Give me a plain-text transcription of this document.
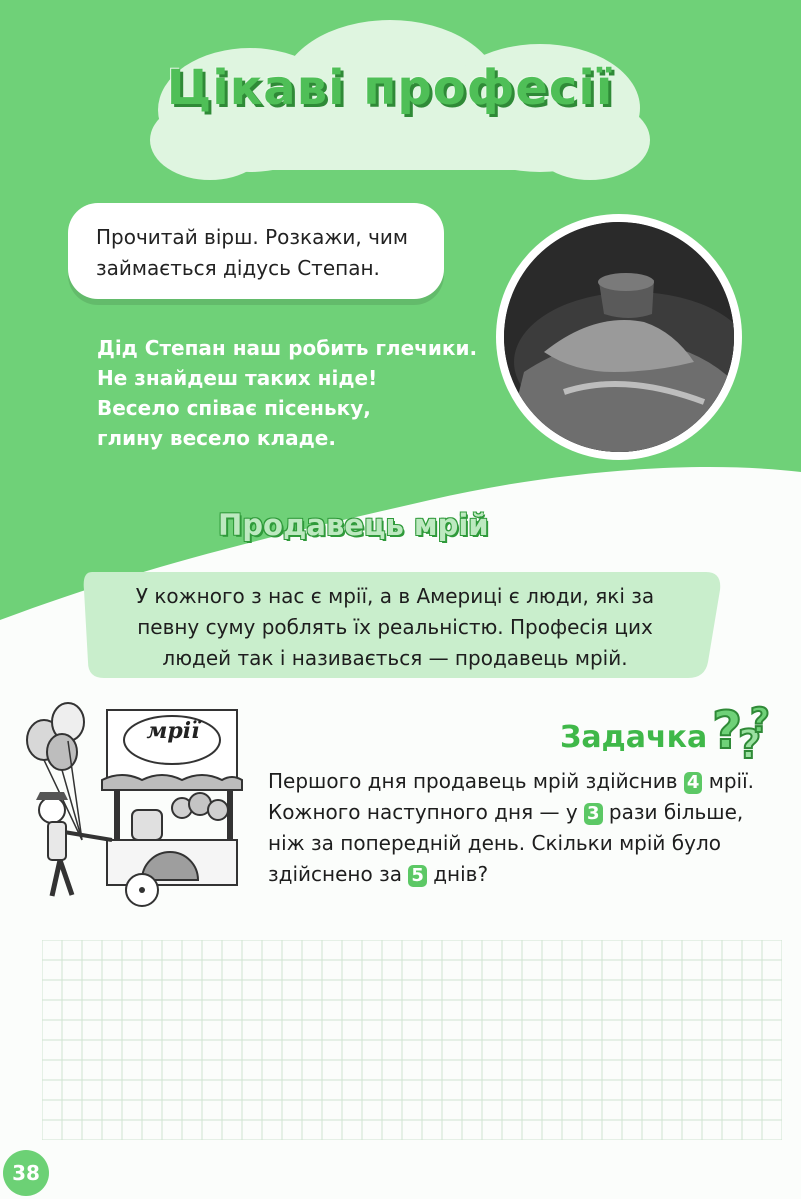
Цікаві професії
Прочитай вірш. Розкажи, чим
займається дідусь Степан.
Дід Степан наш робить глечики.
Не знайдеш таких ніде!
Весело співає пісеньку,
глину весело кладе.
Продавець мрій
У кожного з нас є мрії, а в Америці є люди, які за
певну суму роблять їх реальністю. Професія цих
людей так і називається — продавець мрій.
мрії	Задачка ?
?
?
Першого дня продавець мрій здійснив 4 мрії.
Кожного наступного дня — у 3 рази більше,
ніж за попередній день. Скільки мрій було
здійснено за 5 днів?
38
